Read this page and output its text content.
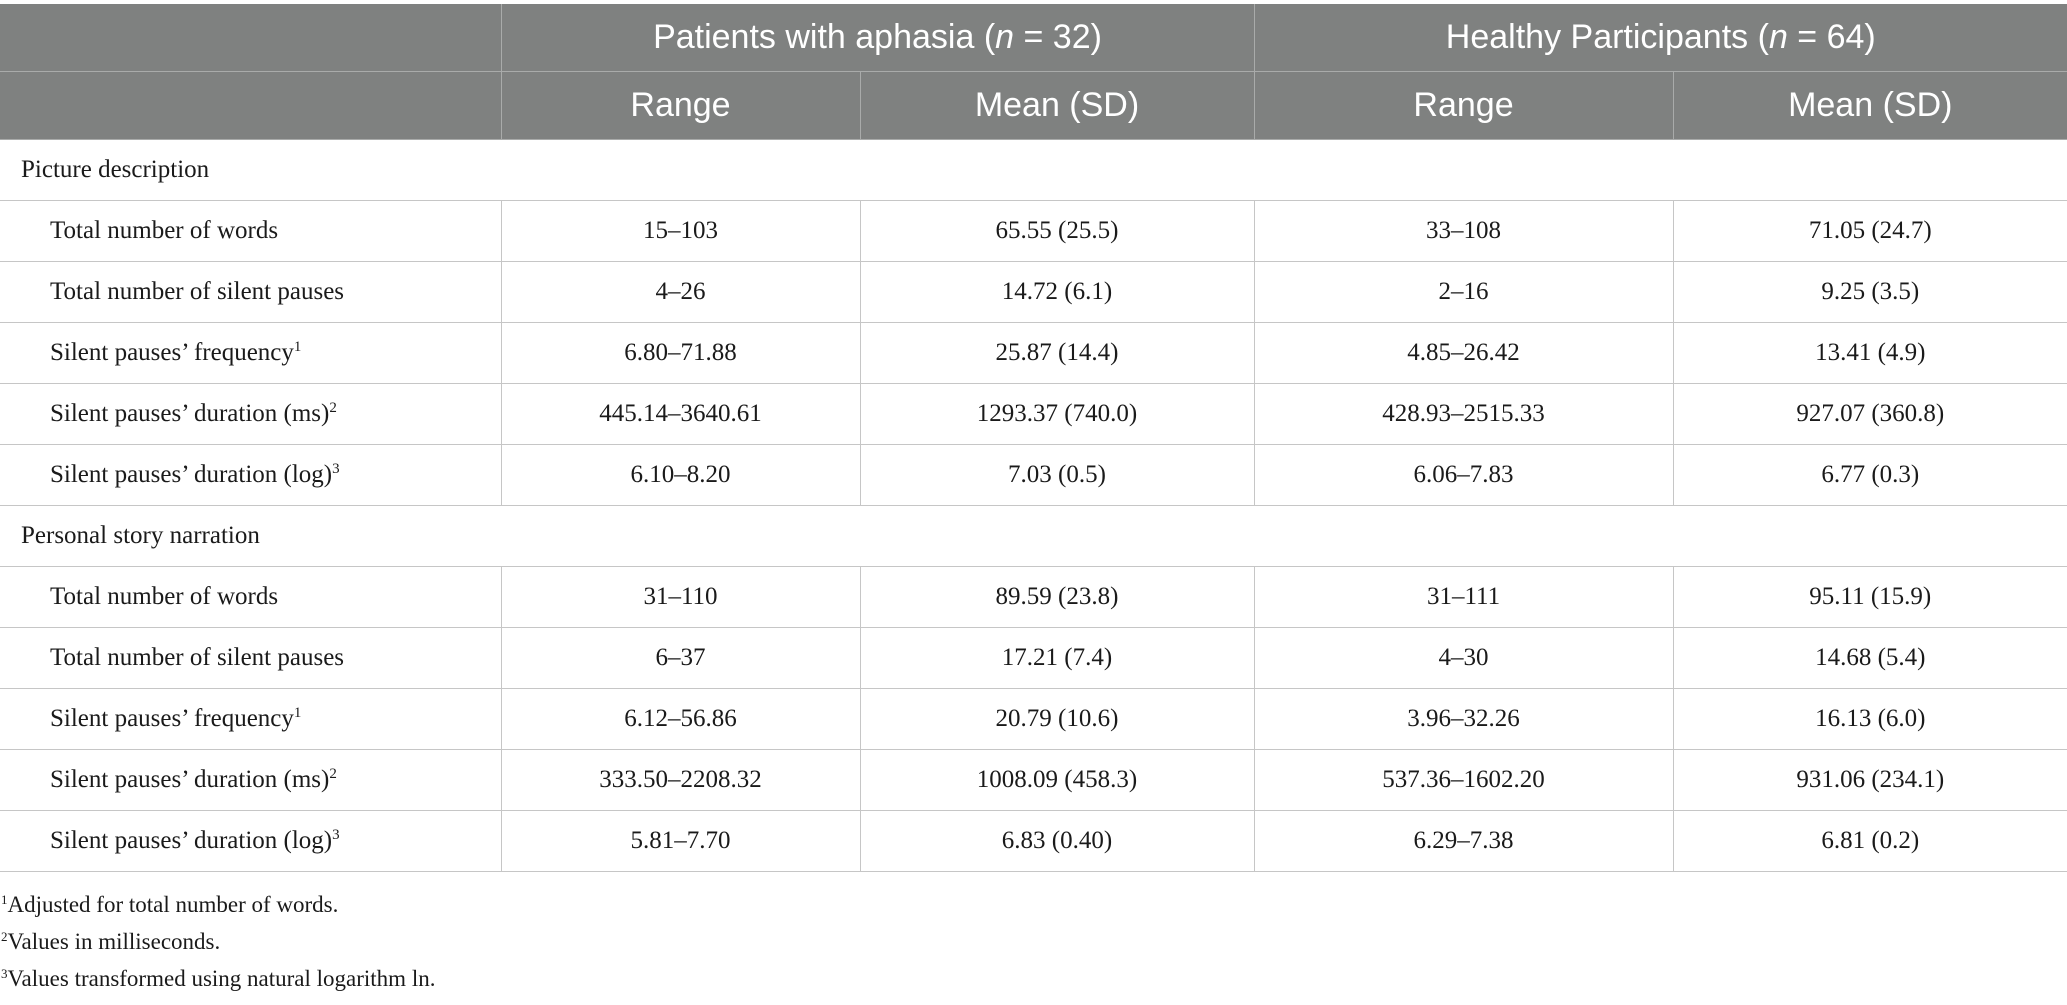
	Patients with aphasia (n = 32)		Healthy Participants (n = 64)	
	Range	Mean (SD)	Range	Mean (SD)
Picture description				
Total number of words	15–103	65.55 (25.5)	33–108	71.05 (24.7)
Total number of silent pauses	4–26	14.72 (6.1)	2–16	9.25 (3.5)
Silent pauses’ frequency$^1$	6.80–71.88	25.87 (14.4)	4.85–26.42	13.41 (4.9)
Silent pauses’ duration (ms)$^2$	445.14–3640.61	1293.37 (740.0)	428.93–2515.33	927.07 (360.8)
Silent pauses’ duration $(\log)^3$	6.10–8.20	7.03 (0.5)	6.06–7.83	6.77 (0.3)
Personal story narration				
Total number of words	31–110	89.59 (23.8)	31–111	95.11 (15.9)
Total number of silent pauses	6–37	17.21 (7.4)	4–30	14.68 (5.4)
Silent pauses’ frequency$^1$	6.12–56.86	20.79 (10.6)	3.96–32.26	16.13 (6.0)
Silent pauses’ duration (ms)$^2$	333.50–2208.32	1008.09 (458.3)	537.36–1602.20	931.06 (234.1)
Silent pauses’ duration $(\log)^3$	5.81–7.70	6.83 (0.40)	6.29–7.38	6.81 (0.2)
$^1$Adjusted for total number of words.
$^2$Values in milliseconds.
$^3$Values transformed using natural logarithm ln.
